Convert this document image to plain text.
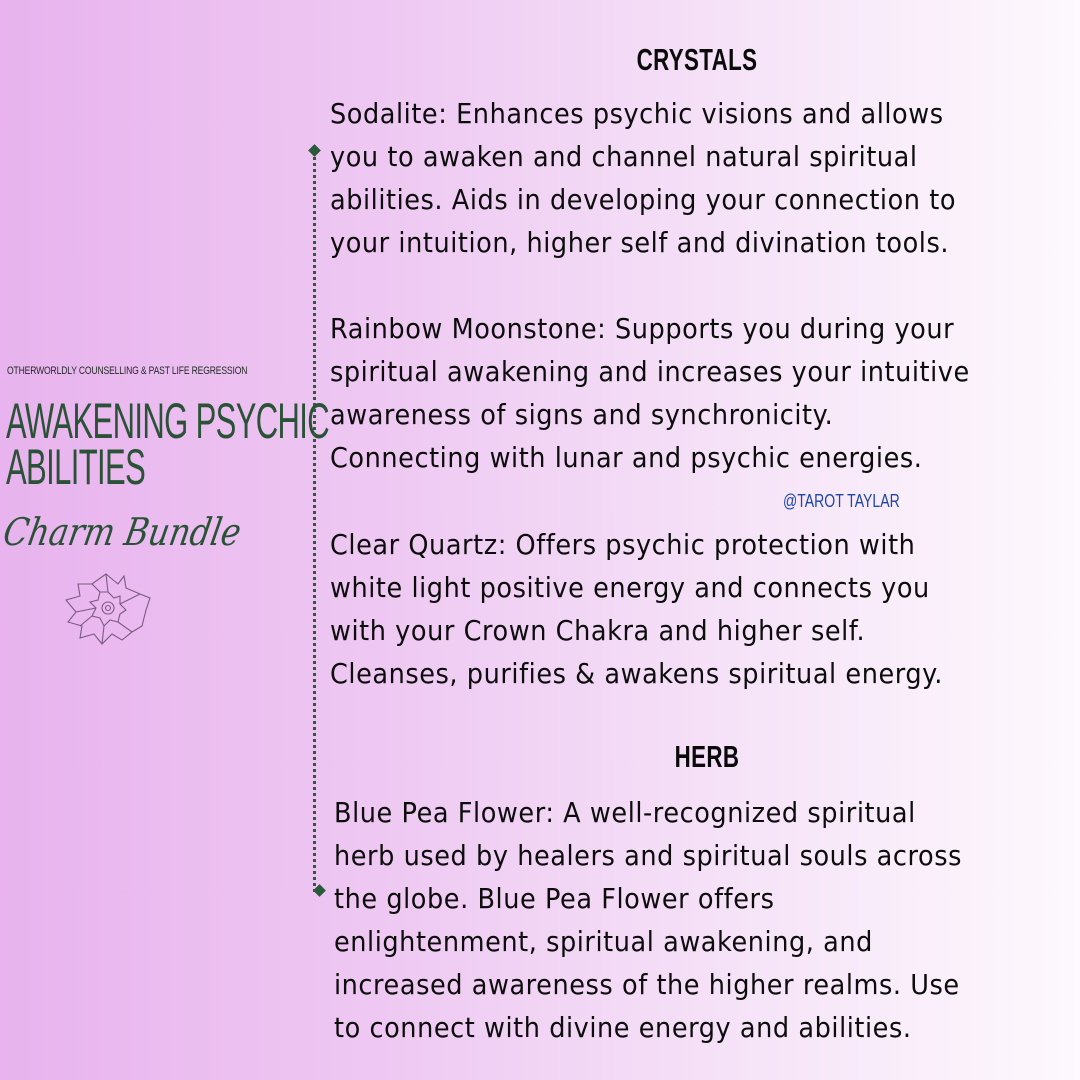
OTHERWORLDLY COUNSELLING & PAST LIFE REGRESSION
AWAKENING PSYCHIC
ABILITIES
Charm Bundle
CRYSTALS
Sodalite: Enhances psychic visions and allows
you to awaken and channel natural spiritual
abilities. Aids in developing your connection to
your intuition, higher self and divination tools.
Rainbow Moonstone: Supports you during your
spiritual awakening and increases your intuitive
awareness of signs and synchronicity.
Connecting with lunar and psychic energies.
@TAROT TAYLAR
Clear Quartz: Offers psychic protection with
white light positive energy and connects you
with your Crown Chakra and higher self.
Cleanses, purifies & awakens spiritual energy.
HERB
Blue Pea Flower: A well-recognized spiritual
herb used by healers and spiritual souls across
the globe. Blue Pea Flower offers
enlightenment, spiritual awakening, and
increased awareness of the higher realms. Use
to connect with divine energy and abilities.
